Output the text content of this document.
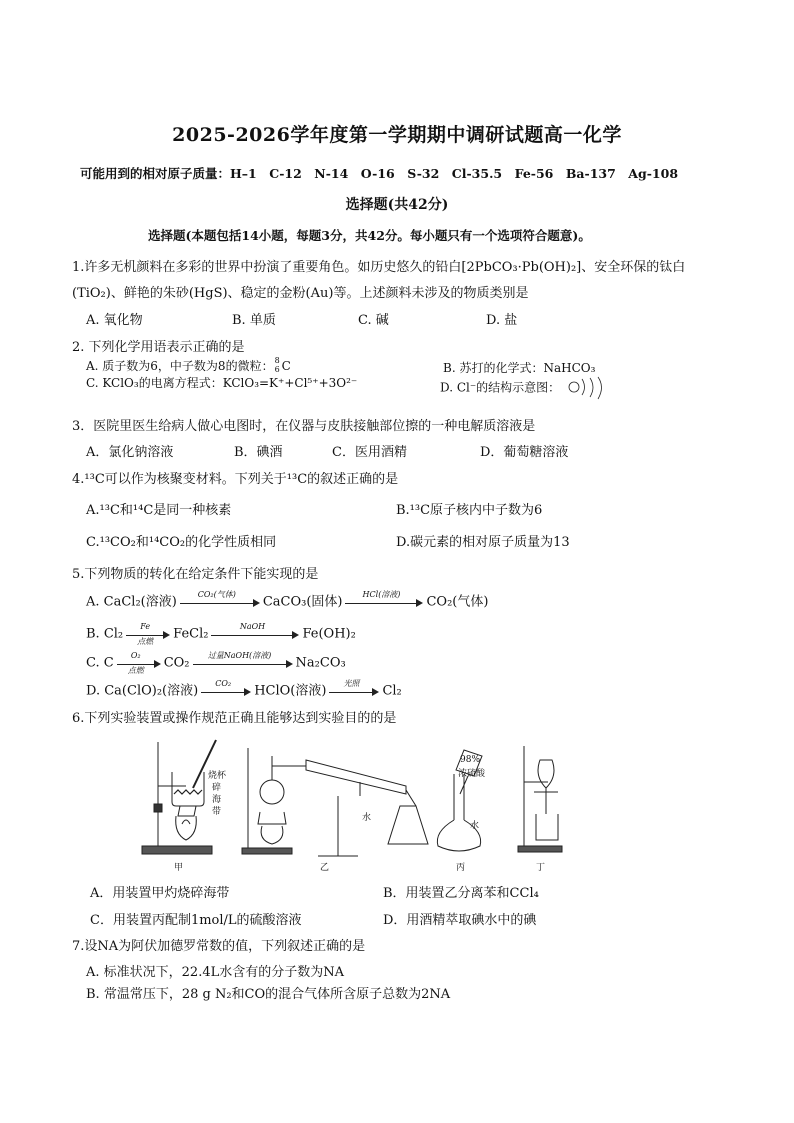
2025-2026学年度第一学期期中调研试题高一化学
可能用到的相对原子质量：H–1　C-12　N-14　O-16　S-32　Cl-35.5　Fe-56　Ba-137　Ag-108
选择题(共42分)
选择题(本题包括14小题，每题3分，共42分。每小题只有一个选项符合题意)。
1.许多无机颜料在多彩的世界中扮演了重要角色。如历史悠久的铅白[2PbCO₃·Pb(OH)₂]、安全环保的钛白
(TiO₂)、鲜艳的朱砂(HgS)、稳定的金粉(Au)等。上述颜料未涉及的物质类别是
A. 氧化物	B. 单质	C. 碱	D. 盐
2. 下列化学用语表示正确的是
A. 质子数为6，中子数为8的微粒： 8
6 C	B. 苏打的化学式：NaHCO₃
C. KClO₃的电离方程式：KClO₃=K⁺+Cl⁵⁺+3O²⁻	D. Cl⁻的结构示意图：
3．医院里医生给病人做心电图时，在仪器与皮肤接触部位擦的一种电解质溶液是
A．氯化钠溶液	B．碘酒	C．医用酒精	D．葡萄糖溶液
4.¹³C可以作为核聚变材料。下列关于¹³C的叙述正确的是
A.¹³C和¹⁴C是同一种核素	B.¹³C原子核内中子数为6
C.¹³CO₂和¹⁴CO₂的化学性质相同	D.碳元素的相对原子质量为13
5.下列物质的转化在给定条件下能实现的是
A. CaCl₂(溶液)	CO₂(气体)	CaCO₃(固体)	HCl(溶液)	CO₂(气体)
B. Cl₂	Fe
点燃	FeCl₂	NaOH	Fe(OH)₂
C. C	O₂
点燃	CO₂	过量NaOH(溶液)	Na₂CO₃
D. Ca(ClO)₂(溶液)	CO₂	HClO(溶液)	光照	Cl₂
6.下列实验装置或操作规范正确且能够达到实验目的的是
烧杯
碎
海
带
水
98%
浓硫酸
水
甲	乙	丙	丁
A．用装置甲灼烧碎海带	B．用装置乙分离苯和CCl₄
C．用装置丙配制1mol/L的硫酸溶液	D．用酒精萃取碘水中的碘
7.设NA为阿伏加德罗常数的值，下列叙述正确的是
A. 标准状况下，22.4L水含有的分子数为NA
B. 常温常压下，28 g N₂和CO的混合气体所含原子总数为2NA
